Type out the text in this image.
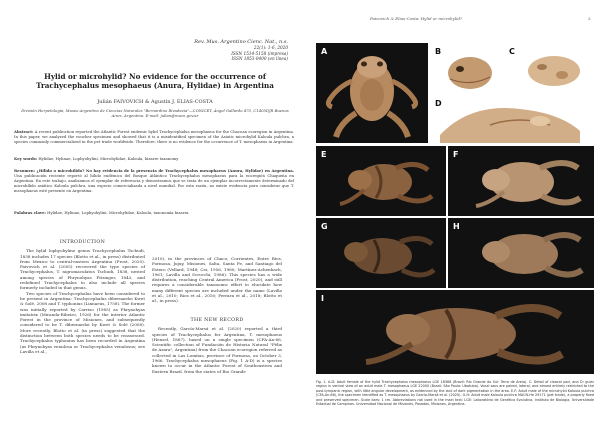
Rev. Mus. Argentino Cienc. Nat., n.s.
22(1): 1-6, 2020
ISSN 1514-5158 (impresa)
ISSN 1853-0400 (en línea)
Hylid or microhylid? No evidence for the occurrence of Trachycephalus mesophaeus (Anura, Hylidae) in Argentina
Julián FAIVOVICH & Agustín J. ELIAS-COSTA
División Herpetología, Museo Argentino de Ciencias Naturales "Bernardino Rivadavia"—CONICET, Ángel Gallardo 470, C1405DJR Buenos Aires, Argentina. E-mail: julian@macn.gov.ar
Abstract: A recent publication reported the Atlantic Forest endemic hylid Trachycephalus mesophaeus for the Chacoan ecoregion in Argentina. In this paper, we analyzed the voucher specimen and showed that it is a misidentified specimen of the Asiatic microhylid Kaloula pulchra, a species commonly commercialized in the pet trade worldwide. Therefore, there is no evidence for the occurrence of T. mesophaeus in Argentina.
Key words: Hylidae, Hylinae, Lophyohylini, Microhylidae, Kaloula, bizarre taxonomy
Resumen: ¿Hílido o microhílido? No hay evidencia de la presencia de Trachycephalus mesophaeus (Anura, Hylidae) en Argentina. Una publicación reciente reportó al hílido endémico del Bosque Atlántico Trachycephalus mesophaeus para la ecoregión Chaqueña en Argentina. En este trabajo, analizamos el ejemplar de referencia y demostramos que se trata de un ejemplar incorrectamente determinado del microhílido asiático Kaloula pulchra, una especie comercializada a nivel mundial. Por esta razón, no existe evidencia para considerar que T. mesophaeus esté presente en Argentina.
Palabras clave: Hylidae, Hylinae, Lophyohylini, Microhylidae, Kaloula, taxonomía bizarra
INTRODUCTION

The hylid lophyohyline genus Trachycephalus Tschudi, 1838 includes 17 species (Blotto et al., in press) distributed from Mexico to central-eastern Argentina (Frost, 2020). Faivovich et al. (2005) recovered the type species of Trachycephalus, T. nigromaculatus Tschudi, 1838, nested among species of Phrynohyas Fitzinger, 1843, and redefined Trachycephalus to also include all species formerly included in that genus.

Two species of Trachycephalus have been considered to be present in Argentina: Trachycephalus dibernardoi Kwet & Solé, 2008 and T. typhonius (Linnaeus, 1758). The former was initially reported by Carrizo (1985) as Phrynohyas imitatrix (Miranda-Ribeiro, 1926) for the interior Atlantic Forest in the province of Misiones, and subsequently considered to be T. dibernardoi by Kwet & Solé (2008). More recently, Blotto et al. (in press) suggested that the distinction between both species needs to be reassessed. Trachycephalus typhonius has been recorded in Argentina (as Phrynohyas venulosa or Trachycephalus venulosus; see Lavilla et al.,

2010), in the provinces of Chaco, Corrientes, Entre Ríos, Formosa, Jujuy, Misiones, Salta, Santa Fe, and Santiago del Estero (Vellard, 1948; Cei, 1956, 1980; Martínez-Achenbach, 1961; Lavilla and Scrocchi, 1986). This species has a wide distribution, reaching Central America (Frost, 2020), and still requires a considerable taxonomic effort to elucidate how many different species are included under the name (Lavilla et al., 2010; Rios et al., 2016; Ferrara et al., 2018; Blotto et al., in press).

THE NEW RECORD

Recently, García-Marsá et al. (2020) reported a third species of Trachycephalus for Argentina, T. mesophaeus (Hensel, 1867), based on a single specimen (CFA-An-66, Scientific collection of Fundación de Historia Natural "Félix de Azara", Argentina) from the Chacoan ecoregion referred as collected in Las Lomitas, province of Formosa, on October 3, 1966. Trachycephalus mesophaeus (Fig. 1 A-D) is a species known to occur in the Atlantic Forest of Southeastern and Eastern Brazil, from the states of Rio Grande

Faivovich & Elias-Costa: Hylid or microhylid?	3
A	B	C
D
E	F
G	H
I
Fig. 1. A-D: Adult female of the hylid Trachycephalus mesophaeus LGE 18368 (Brazil: Rio Grande do Sul: Terra de Areia). C: Detail of cloacal pad, and D: gular region in ventral view of an adult male T. mesophaeus LGE 22000 (Brazil: São Paulo: Ubatuba). Vocal sacs are paired, lateral, and almost entirely restricted to the post-tympanic region, with little angular development, as evidenced by the lack of dark pigmentation in the area. E-F: Adult male of the microhylid Kaloula pulchra (CFA-An-66), the specimen identified as T. mesophaeus by García-Marsá et al. (2020). G-H: Adult male Kaloula pulchra MACN-He 29171 (pet trade), a properly fixed and preserved specimen. Scale bars: 1 cm. Abbreviations not used in the main text: LGE: Laboratório de Genética Evolutiva, Instituto de Biologia, Universidade Estadual de Campinas. Universidad Nacional de Misiones, Posadas, Misiones, Argentina.
